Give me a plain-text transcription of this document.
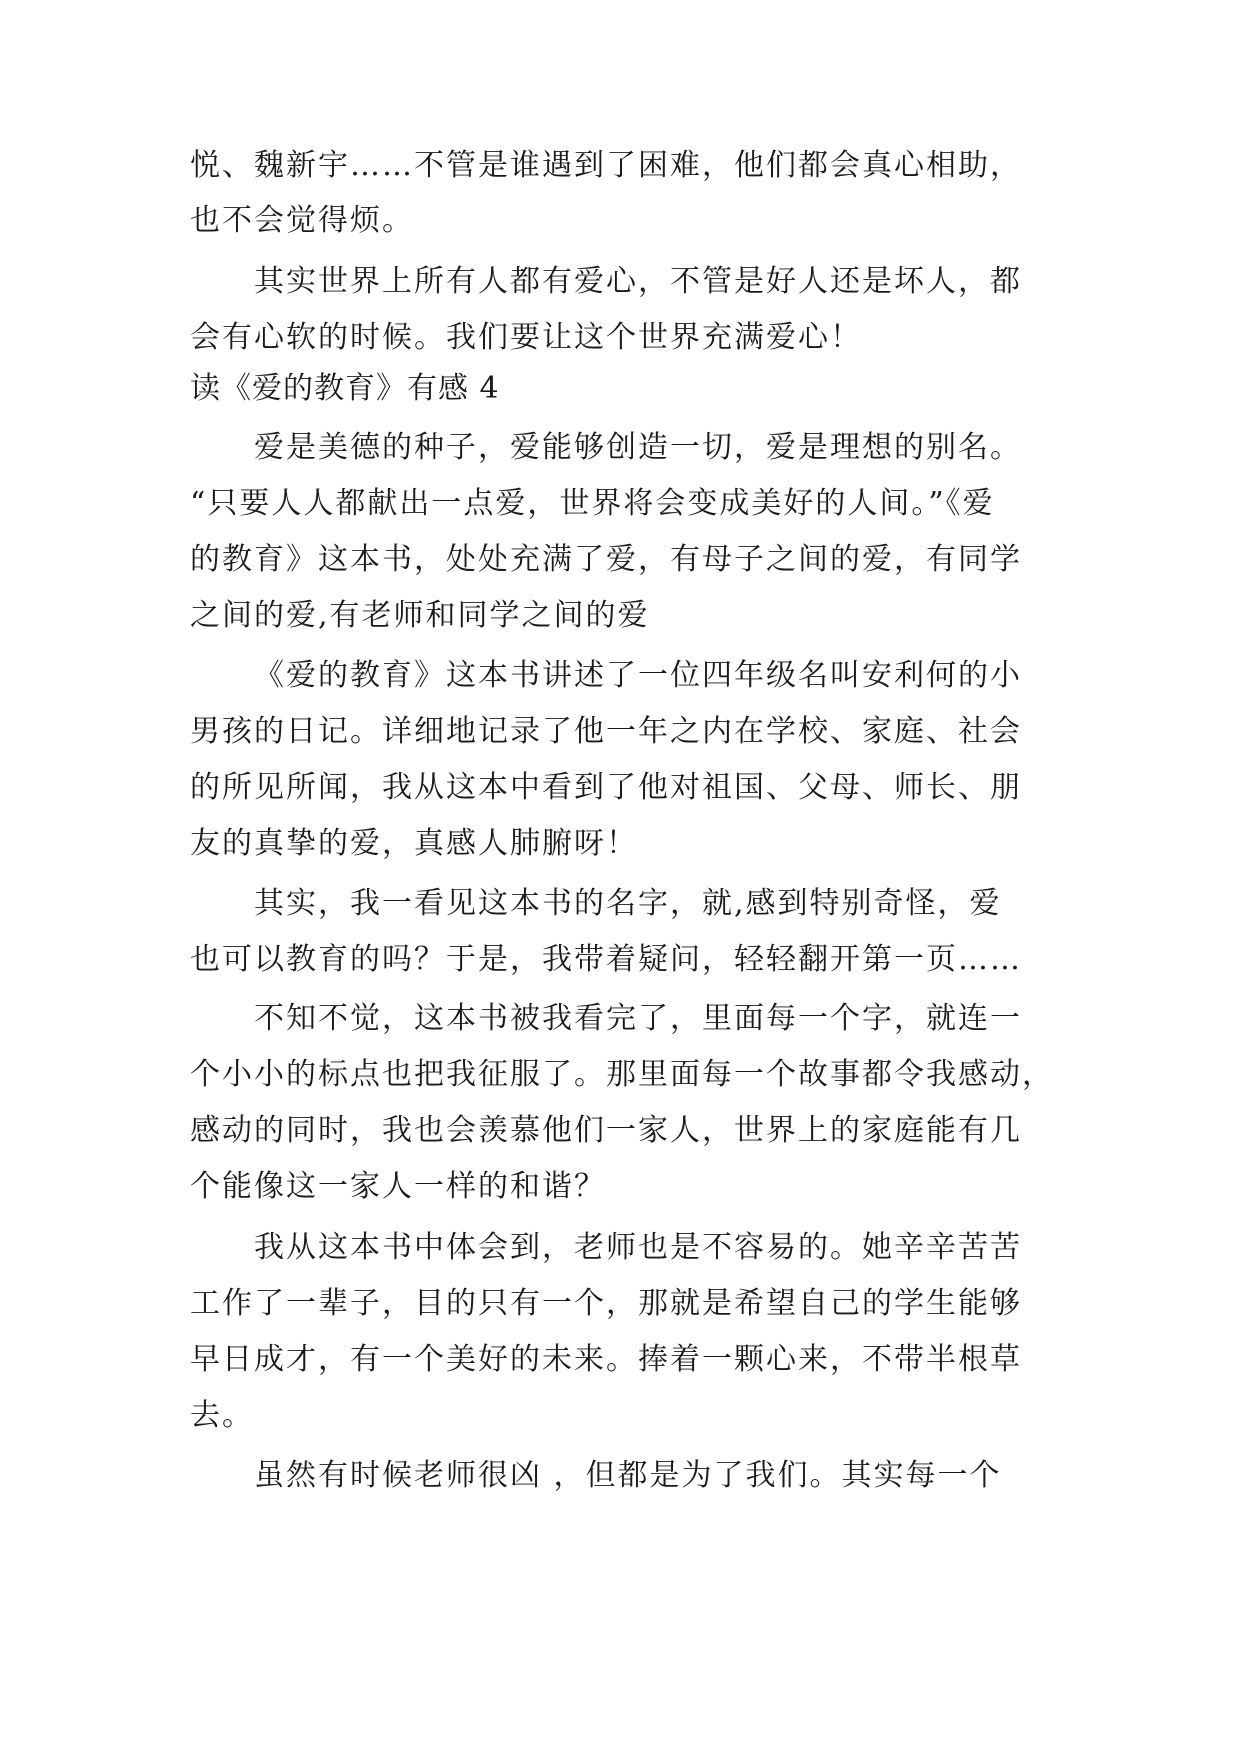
悦、魏新宇……不管是谁遇到了困难，他们都会真心相助，
也不会觉得烦。
其实世界上所有人都有爱心，不管是好人还是坏人，都
会有心软的时候。我们要让这个世界充满爱心！
读《爱的教育》有感 4
爱是美德的种子，爱能够创造一切，爱是理想的别名。
“只要人人都献出一点爱，世界将会变成美好的人间。”《爱
的教育》这本书，处处充满了爱，有母子之间的爱，有同学
之间的爱,有老师和同学之间的爱
《爱的教育》这本书讲述了一位四年级名叫安利何的小
男孩的日记。详细地记录了他一年之内在学校、家庭、社会
的所见所闻，我从这本中看到了他对祖国、父母、师长、朋
友的真挚的爱，真感人肺腑呀！
其实，我一看见这本书的名字，就,感到特别奇怪，爱
也可以教育的吗？于是，我带着疑问，轻轻翻开第一页……
不知不觉，这本书被我看完了，里面每一个字，就连一
个小小的标点也把我征服了。那里面每一个故事都令我感动，
感动的同时，我也会羡慕他们一家人，世界上的家庭能有几
个能像这一家人一样的和谐？
我从这本书中体会到，老师也是不容易的。她辛辛苦苦
工作了一辈子，目的只有一个，那就是希望自己的学生能够
早日成才，有一个美好的未来。捧着一颗心来，不带半根草
去。
虽然有时候老师很凶 ，但都是为了我们。其实每一个
